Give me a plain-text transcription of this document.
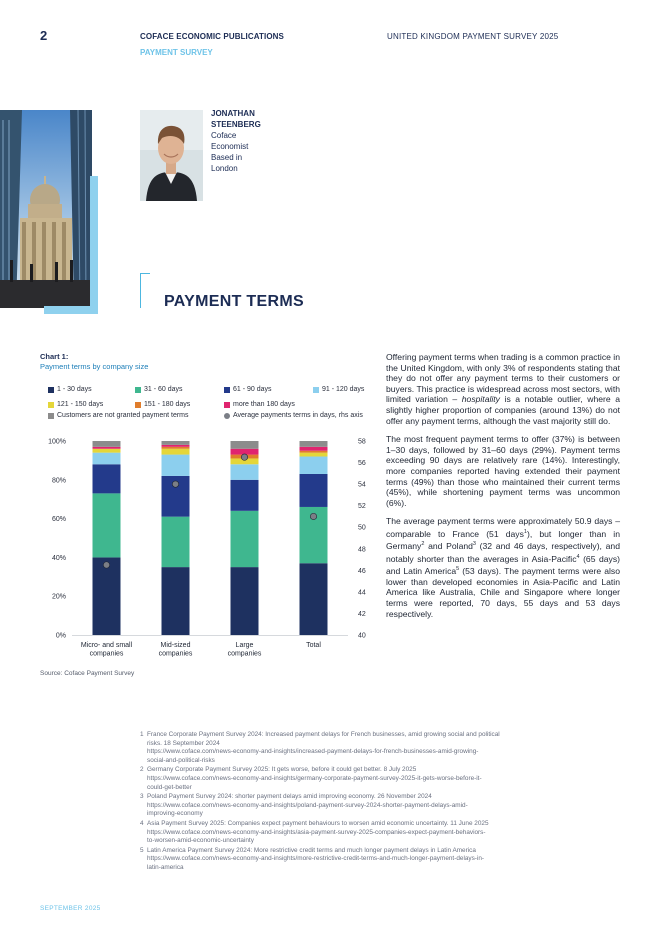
2	COFACE ECONOMIC PUBLICATIONS
PAYMENT SURVEY
UNITED KINGDOM PAYMENT SURVEY 2025
JONATHAN
STEENBERG
Coface
Economist
Based in
London
PAYMENT TERMS
Chart 1:
Payment terms by company size
1 - 30 days	31 - 60 days	61 - 90 days	91 - 120 days
121 - 150 days	151 - 180 days	more than 180 days
Customers are not granted payment terms	Average payments terms in days, rhs axis
0%
20%
40%
60%
80%
100%
40
42
44
46
48
50
52
54
56
58
Micro- and small
companies
Mid-sized
companies
Large
companies
Total
Source: Coface Payment Survey

Offering payment terms when trading is a common practice in the United Kingdom, with only 3% of respondents stating that they do not offer any payment terms to their customers or buyers. This practice is widespread across most sectors, with limited variation – hospitality is a notable outlier, where a slightly higher proportion of companies (around 13%) do not offer any payment terms, although the vast majority still do.

The most frequent payment terms to offer (37%) is between 1–30 days, followed by 31–60 days (29%). Payment terms exceeding 90 days are relatively rare (14%). Interestingly, more companies reported having extended their payment terms (49%) than those who maintained their current terms (45%), while shortening payment terms was uncommon (6%).

The average payment terms were approximately 50.9 days – comparable to France (51 days$^1$), but longer than in Germany$^2$ and Poland$^3$ (32 and 46 days, respectively), and notably shorter than the averages in Asia-Pacific$^4$ (65 days) and Latin America$^5$ (53 days). The payment terms were also lower than developed economies in Asia-Pacific and Latin America like Australia, Chile and Singapore where longer terms were reported, 70 days, 55 days and 53 days respectively.

1 France Corporate Payment Survey 2024: Increased payment delays for French businesses, amid growing social and political
risks. 18 September 2024
https://www.coface.com/news-economy-and-insights/increased-payment-delays-for-french-businesses-amid-growing-
social-and-political-risks
2 Germany Corporate Payment Survey 2025: It gets worse, before it could get better. 8 July 2025
https://www.coface.com/news-economy-and-insights/germany-corporate-payment-survey-2025-it-gets-worse-before-it-
could-get-better
3 Poland Payment Survey 2024: shorter payment delays amid improving economy. 26 November 2024
https://www.coface.com/news-economy-and-insights/poland-payment-survey-2024-shorter-payment-delays-amid-
improving-economy
4 Asia Payment Survey 2025: Companies expect payment behaviours to worsen amid economic uncertainty. 11 June 2025
https://www.coface.com/news-economy-and-insights/asia-payment-survey-2025-companies-expect-payment-behaviors-
to-worsen-amid-economic-uncertainty
5 Latin America Payment Survey 2024: More restrictive credit terms and much longer payment delays in Latin America
https://www.coface.com/news-economy-and-insights/more-restrictive-credit-terms-and-much-longer-payment-delays-in-
latin-america
SEPTEMBER 2025
